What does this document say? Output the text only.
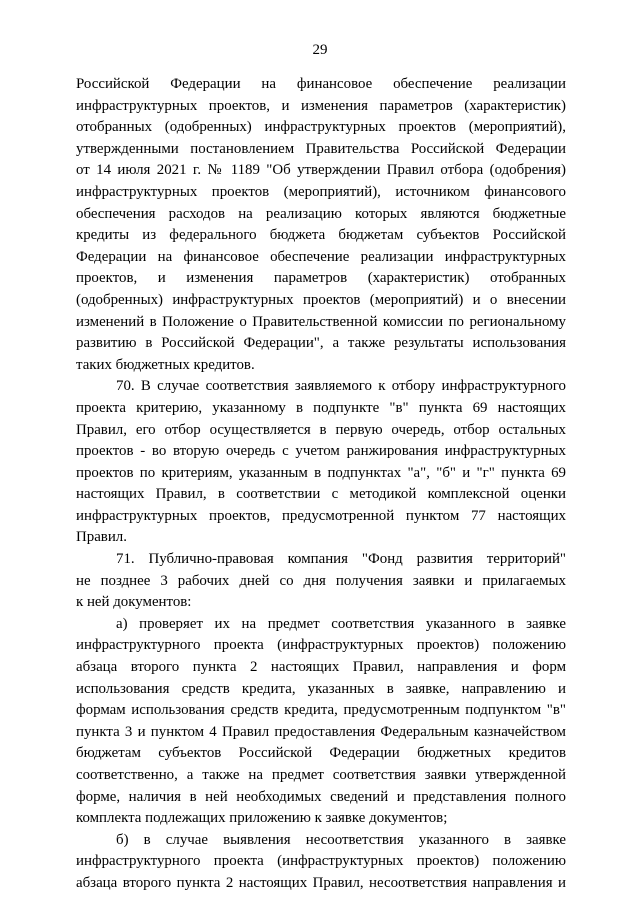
29
Российской Федерации на финансовое обеспечение реализации
инфраструктурных проектов, и изменения параметров (характеристик)
отобранных (одобренных) инфраструктурных проектов (мероприятий),
утвержденными постановлением Правительства Российской Федерации
от 14 июля 2021 г. № 1189 "Об утверждении Правил отбора (одобрения)
инфраструктурных проектов (мероприятий), источником финансового
обеспечения расходов на реализацию которых являются бюджетные
кредиты из федерального бюджета бюджетам субъектов Российской
Федерации на финансовое обеспечение реализации инфраструктурных
проектов, и изменения параметров (характеристик) отобранных
(одобренных) инфраструктурных проектов (мероприятий) и о внесении
изменений в Положение о Правительственной комиссии по региональному
развитию в Российской Федерации", а также результаты использования
таких бюджетных кредитов.
70. В случае соответствия заявляемого к отбору инфраструктурного
проекта критерию, указанному в подпункте "в" пункта 69 настоящих
Правил, его отбор осуществляется в первую очередь, отбор остальных
проектов - во вторую очередь с учетом ранжирования инфраструктурных
проектов по критериям, указанным в подпунктах "а", "б" и "г" пункта 69
настоящих Правил, в соответствии с методикой комплексной оценки
инфраструктурных проектов, предусмотренной пунктом 77 настоящих
Правил.
71. Публично-правовая компания "Фонд развития территорий"
не позднее 3 рабочих дней со дня получения заявки и прилагаемых
к ней документов:
а) проверяет их на предмет соответствия указанного в заявке
инфраструктурного проекта (инфраструктурных проектов) положению
абзаца второго пункта 2 настоящих Правил, направления и форм
использования средств кредита, указанных в заявке, направлению и
формам использования средств кредита, предусмотренным подпунктом "в"
пункта 3 и пунктом 4 Правил предоставления Федеральным казначейством
бюджетам субъектов Российской Федерации бюджетных кредитов
соответственно, а также на предмет соответствия заявки утвержденной
форме, наличия в ней необходимых сведений и представления полного
комплекта подлежащих приложению к заявке документов;
б) в случае выявления несоответствия указанного в заявке
инфраструктурного проекта (инфраструктурных проектов) положению
абзаца второго пункта 2 настоящих Правил, несоответствия направления и
